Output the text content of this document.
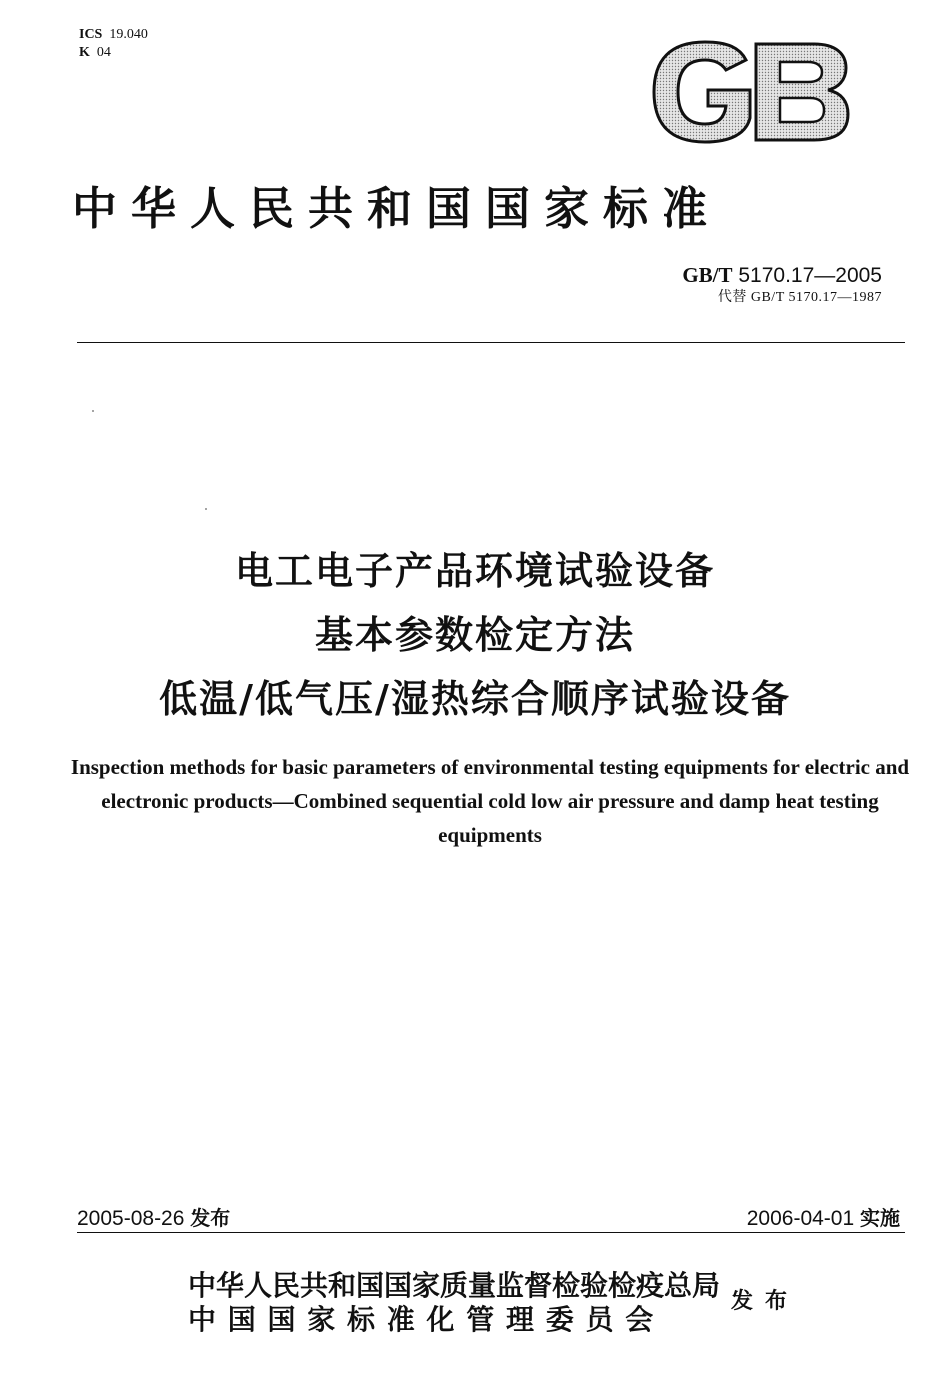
ICS 19.040
K 04
中华人民共和国国家标准
GB/T 5170.17—2005
代替 GB/T 5170.17—1987
电工电子产品环境试验设备
基本参数检定方法
低温/低气压/湿热综合顺序试验设备
Inspection methods for basic parameters of environmental testing equipments for electric and electronic products—Combined sequential cold low air pressure and damp heat testing equipments
2005-08-26 发布	2006-04-01 实施
中华人民共和国国家质量监督检验检疫总局
中 国 国 家 标 准 化 管 理 委 员 会
发布
